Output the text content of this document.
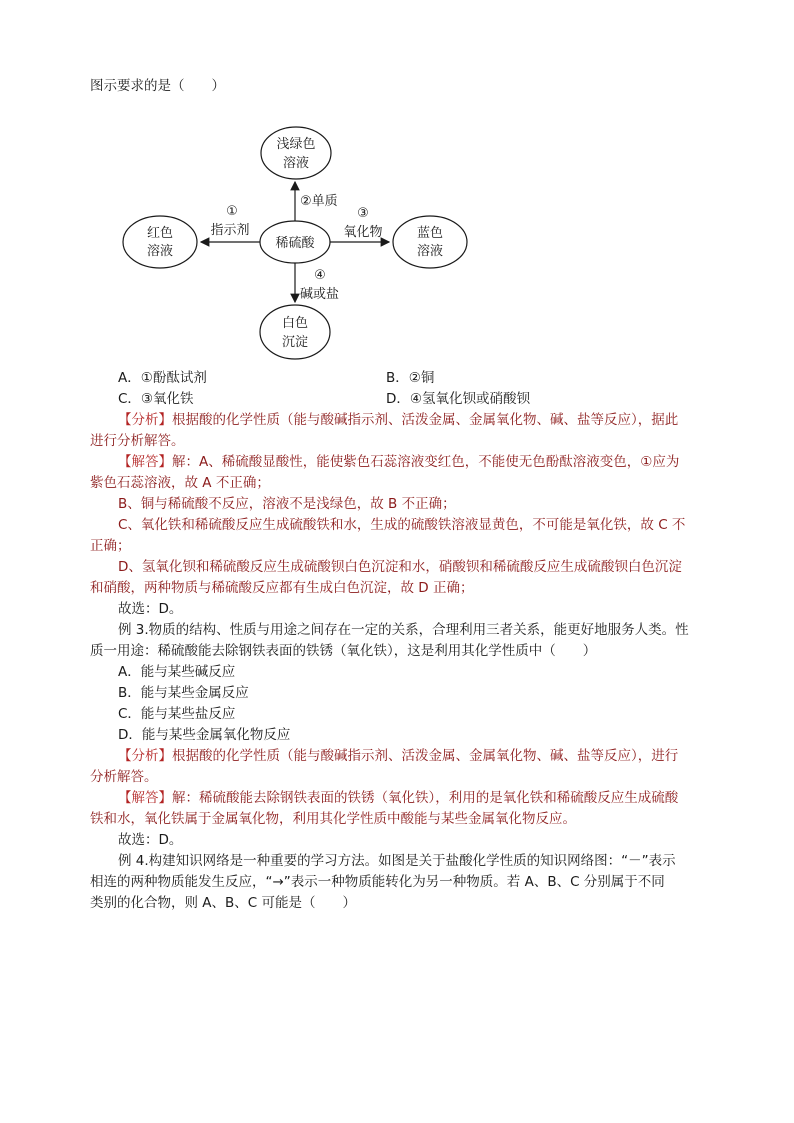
图示要求的是（　　）
稀硫酸
浅绿色
溶液
红色
溶液
蓝色
溶液
白色
沉淀
①
指示剂
②单质
③
氧化物
④
碱或盐
A．①酚酞试剂	B．②铜
C．③氧化铁	D．④氢氧化钡或硝酸钡
【分析】根据酸的化学性质（能与酸碱指示剂、活泼金属、金属氧化物、碱、盐等反应），据此
进行分析解答。
【解答】解：A、稀硫酸显酸性，能使紫色石蕊溶液变红色，不能使无色酚酞溶液变色，①应为
紫色石蕊溶液，故 A 不正确；
B、铜与稀硫酸不反应，溶液不是浅绿色，故 B 不正确；
C、氧化铁和稀硫酸反应生成硫酸铁和水，生成的硫酸铁溶液显黄色，不可能是氧化铁，故 C 不
正确；
D、氢氧化钡和稀硫酸反应生成硫酸钡白色沉淀和水，硝酸钡和稀硫酸反应生成硫酸钡白色沉淀
和硝酸，两种物质与稀硫酸反应都有生成白色沉淀，故 D 正确；
故选：D。
例 3.物质的结构、性质与用途之间存在一定的关系，合理利用三者关系，能更好地服务人类。性
质一用途：稀硫酸能去除钢铁表面的铁锈（氧化铁），这是利用其化学性质中（　　）
A．能与某些碱反应
B．能与某些金属反应
C．能与某些盐反应
D．能与某些金属氧化物反应
【分析】根据酸的化学性质（能与酸碱指示剂、活泼金属、金属氧化物、碱、盐等反应），进行
分析解答。
【解答】解：稀硫酸能去除钢铁表面的铁锈（氧化铁），利用的是氧化铁和稀硫酸反应生成硫酸
铁和水，氧化铁属于金属氧化物，利用其化学性质中酸能与某些金属氧化物反应。
故选：D。
例 4.构建知识网络是一种重要的学习方法。如图是关于盐酸化学性质的知识网络图：“－”表示
相连的两种物质能发生反应，“→”表示一种物质能转化为另一种物质。若 A、B、C 分别属于不同
类别的化合物，则 A、B、C 可能是（　　）
